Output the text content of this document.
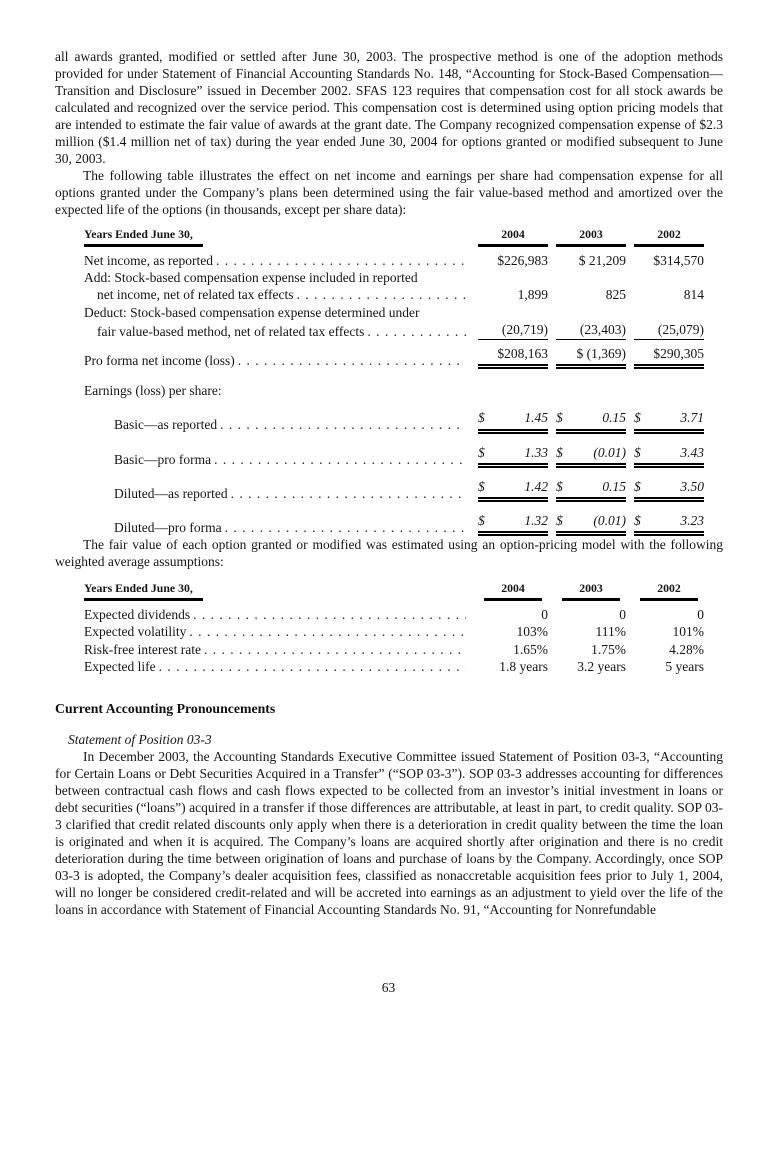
all awards granted, modified or settled after June 30, 2003. The prospective method is one of the adoption methods provided for under Statement of Financial Accounting Standards No. 148, “Accounting for Stock-Based Compensation—Transition and Disclosure” issued in December 2002. SFAS 123 requires that compensation cost for all stock awards be calculated and recognized over the service period. This compensation cost is determined using option pricing models that are intended to estimate the fair value of awards at the grant date. The Company recognized compensation expense of $2.3 million ($1.4 million net of tax) during the year ended June 30, 2004 for options granted or modified subsequent to June 30, 2003.

The following table illustrates the effect on net income and earnings per share had compensation expense for all options granted under the Company’s plans been determined using the fair value-based method and amortized over the expected life of the options (in thousands, except per share data):

Years Ended June 30,	2004	2003	2002
Net income, as reported . . .	$226,983	$ 21,209	$314,570
Add: Stock-based compensation expense included in reported
net income, net of related tax effects . . .	1,899	825	814
Deduct: Stock-based compensation expense determined under
fair value-based method, net of related tax effects . . .	(20,719)	(23,403)	(25,079)
Pro forma net income (loss) . . .	$208,163	$ (1,369)	$290,305
Earnings (loss) per share:
Basic—as reported . . .	$	1.45 $	0.15 $	3.71
Basic—pro forma . . .	$	1.33 $ (0.01) $	3.43
Diluted—as reported . . .	$	1.42 $	0.15 $	3.50
Diluted—pro forma . . .	$	1.32 $ (0.01) $	3.23

The fair value of each option granted or modified was estimated using an option-pricing model with the following weighted average assumptions:

Years Ended June 30,	2004	2003	2002
Expected dividends . . .	0	0	0
Expected volatility . . .	103%	111%	101%
Risk-free interest rate . . .	1.65%	1.75%	4.28%
Expected life . . .	1.8 years	3.2 years	5 years
Current Accounting Pronouncements
Statement of Position 03-3

In December 2003, the Accounting Standards Executive Committee issued Statement of Position 03-3, “Accounting for Certain Loans or Debt Securities Acquired in a Transfer” (“SOP 03-3”). SOP 03-3 addresses accounting for differences between contractual cash flows and cash flows expected to be collected from an investor’s initial investment in loans or debt securities (“loans”) acquired in a transfer if those differences are attributable, at least in part, to credit quality. SOP 03-3 clarified that credit related discounts only apply when there is a deterioration in credit quality between the time the loan is originated and when it is acquired. The Company’s loans are acquired shortly after origination and there is no credit deterioration during the time between origination of loans and purchase of loans by the Company. Accordingly, once SOP 03-3 is adopted, the Company’s dealer acquisition fees, classified as nonaccretable acquisition fees prior to July 1, 2004, will no longer be considered credit-related and will be accreted into earnings as an adjustment to yield over the life of the loans in accordance with Statement of Financial Accounting Standards No. 91, “Accounting for Nonrefundable

63
